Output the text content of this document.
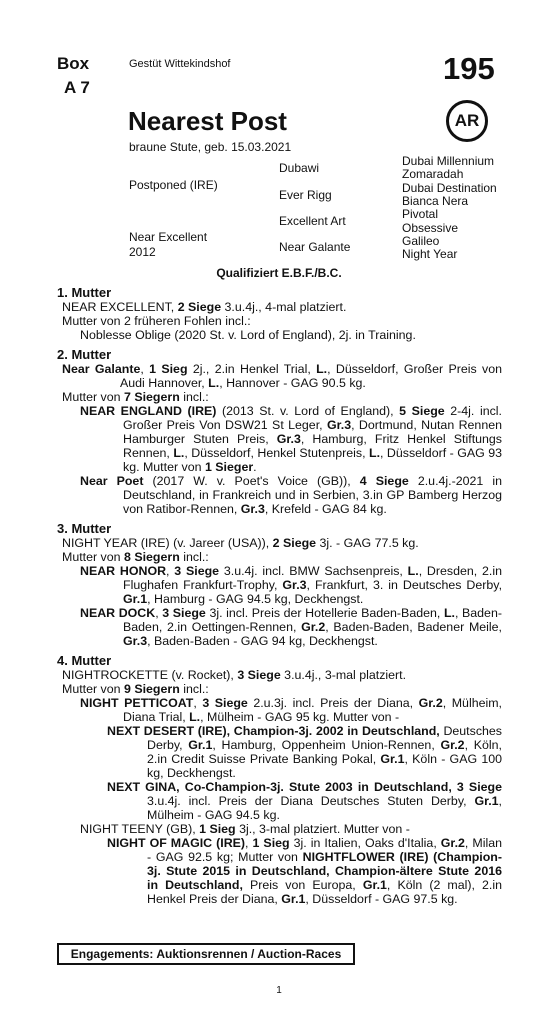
Box
A 7
Gestüt Wittekindshof	195
AR
Nearest Post
braune Stute, geb. 15.03.2021
Postponed (IRE)
Near Excellent
2012
Dubawi
Ever Rigg
Excellent Art
Near Galante
Dubai Millennium
Zomaradah
Dubai Destination
Bianca Nera
Pivotal
Obsessive
Galileo
Night Year
Qualifiziert E.B.F./B.C.
1. Mutter

NEAR EXCELLENT, 2 Siege 3.u.4j., 4-mal platziert.

Mutter von 2 früheren Fohlen incl.:

Noblesse Oblige (2020 St. v. Lord of England), 2j. in Training.

2. Mutter

Near Galante, 1 Sieg 2j., 2.in Henkel Trial, L., Düsseldorf, Großer Preis von Audi Hannover, L., Hannover - GAG 90.5 kg.

Mutter von 7 Siegern incl.:

NEAR ENGLAND (IRE) (2013 St. v. Lord of England), 5 Siege 2-4j. incl. Großer Preis Von DSW21 St Leger, Gr.3, Dortmund, Nutan Rennen Hamburger Stuten Preis, Gr.3, Hamburg, Fritz Henkel Stiftungs Rennen, L., Düsseldorf, Henkel Stutenpreis, L., Düsseldorf - GAG 93 kg. Mutter von 1 Sieger.

Near Poet (2017 W. v. Poet's Voice (GB)), 4 Siege 2.u.4j.-2021 in Deutschland, in Frankreich und in Serbien, 3.in GP Bamberg Herzog von Ratibor-Rennen, Gr.3, Krefeld - GAG 84 kg.

3. Mutter

NIGHT YEAR (IRE) (v. Jareer (USA)), 2 Siege 3j. - GAG 77.5 kg.

Mutter von 8 Siegern incl.:

NEAR HONOR, 3 Siege 3.u.4j. incl. BMW Sachsenpreis, L., Dresden, 2.in Flughafen Frankfurt-Trophy, Gr.3, Frankfurt, 3. in Deutsches Derby, Gr.1, Hamburg - GAG 94.5 kg, Deckhengst.

NEAR DOCK, 3 Siege 3j. incl. Preis der Hotellerie Baden-Baden, L., Baden-Baden, 2.in Oettingen-Rennen, Gr.2, Baden-Baden, Badener Meile, Gr.3, Baden-Baden - GAG 94 kg, Deckhengst.

4. Mutter

NIGHTROCKETTE (v. Rocket), 3 Siege 3.u.4j., 3-mal platziert.

Mutter von 9 Siegern incl.:

NIGHT PETTICOAT, 3 Siege 2.u.3j. incl. Preis der Diana, Gr.2, Mülheim, Diana Trial, L., Mülheim - GAG 95 kg. Mutter von -

NEXT DESERT (IRE), Champion-3j. 2002 in Deutschland, Deutsches Derby, Gr.1, Hamburg, Oppenheim Union-Rennen, Gr.2, Köln, 2.in Credit Suisse Private Banking Pokal, Gr.1, Köln - GAG 100 kg, Deckhengst.

NEXT GINA, Co-Champion-3j. Stute 2003 in Deutschland, 3 Siege 3.u.4j. incl. Preis der Diana Deutsches Stuten Derby, Gr.1, Mülheim - GAG 94.5 kg.

NIGHT TEENY (GB), 1 Sieg 3j., 3-mal platziert. Mutter von -

NIGHT OF MAGIC (IRE), 1 Sieg 3j. in Italien, Oaks d'Italia, Gr.2, Milan - GAG 92.5 kg; Mutter von NIGHTFLOWER (IRE) (Champion-3j. Stute 2015 in Deutschland, Champion-ältere Stute 2016 in Deutschland, Preis von Europa, Gr.1, Köln (2 mal), 2.in Henkel Preis der Diana, Gr.1, Düsseldorf - GAG 97.5 kg.

Engagements: Auktionsrennen / Auction-Races
1
